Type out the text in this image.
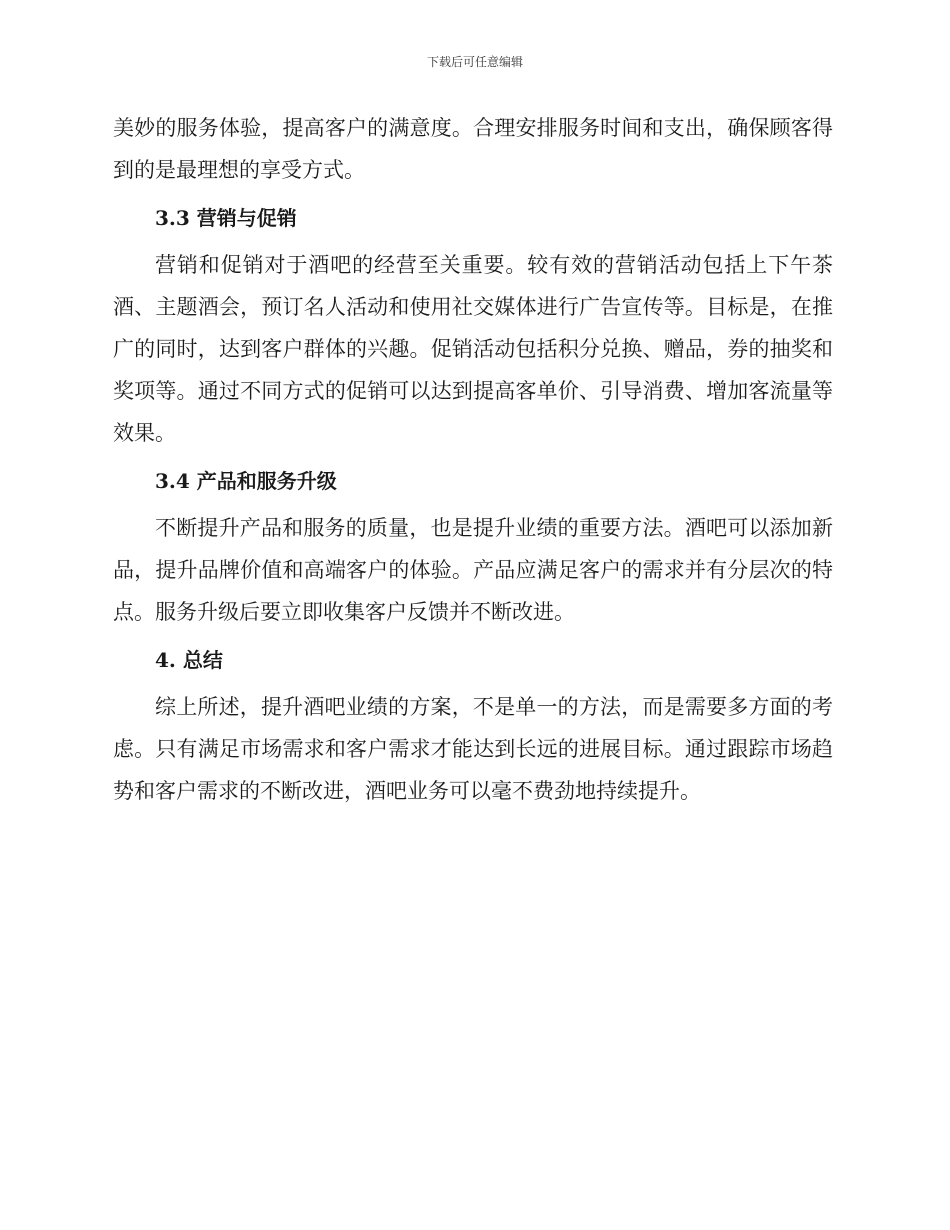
下载后可任意编辑

美妙的服务体验，提高客户的满意度。合理安排服务时间和支出，确保顾客得到的是最理想的享受方式。

3.3 营销与促销

营销和促销对于酒吧的经营至关重要。较有效的营销活动包括上下午茶酒、主题酒会，预订名人活动和使用社交媒体进行广告宣传等。目标是，在推广的同时，达到客户群体的兴趣。促销活动包括积分兑换、赠品，券的抽奖和奖项等。通过不同方式的促销可以达到提高客单价、引导消费、增加客流量等效果。

3.4 产品和服务升级

不断提升产品和服务的质量，也是提升业绩的重要方法。酒吧可以添加新品，提升品牌价值和高端客户的体验。产品应满足客户的需求并有分层次的特点。服务升级后要立即收集客户反馈并不断改进。

4. 总结

综上所述，提升酒吧业绩的方案，不是单一的方法，而是需要多方面的考虑。只有满足市场需求和客户需求才能达到长远的进展目标。通过跟踪市场趋势和客户需求的不断改进，酒吧业务可以毫不费劲地持续提升。
